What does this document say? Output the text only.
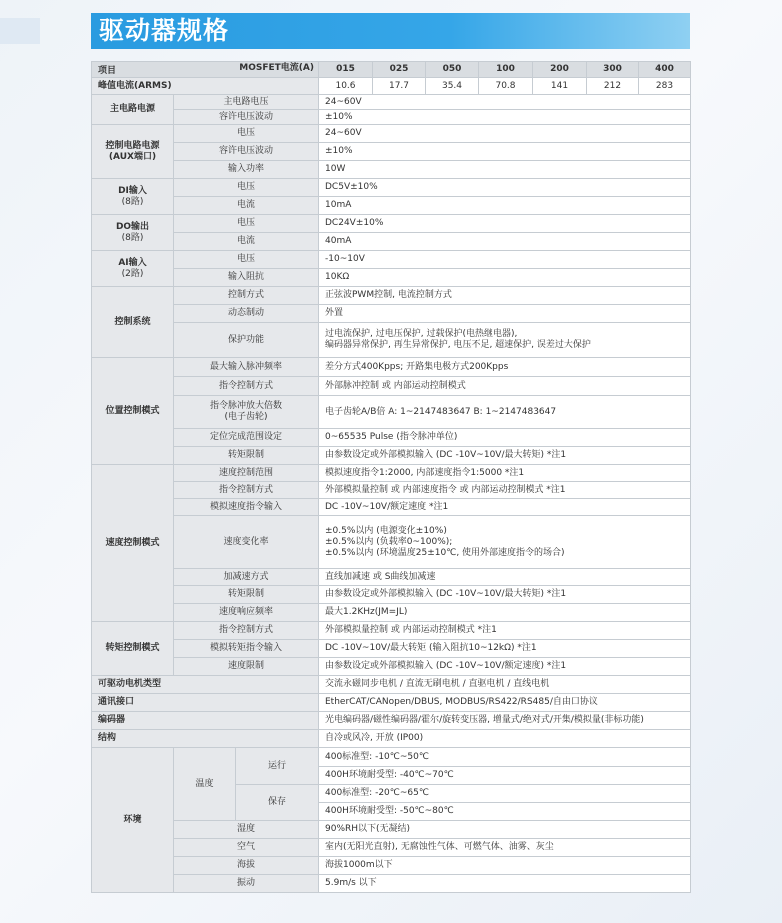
驱动器规格
项目 MOSFET电流(A)			015	025	050	100	200	300	400
峰值电流(ARMS)			10.6	17.7	35.4	70.8	141	212	283
主电路电源	主电路电压		24~60V						
	容许电压波动		±10%						

控制电路电源
(AUX端口)	电压		24~60V						
	容许电压波动		±10%						
	输入功率		10W						

DI输入
(8路)	电压		DC5V±10%						
	电流		10mA						

DO输出
(8路)	电压		DC24V±10%						
	电流		40mA						

AI输入
(2路)	电压		-10~10V						
	输入阻抗		10KΩ						
控制系统	控制方式		正弦波PWM控制, 电流控制方式						
	动态制动		外置						
	保护功能		过电流保护, 过电压保护, 过载保护(电热继电器),
编码器异常保护, 再生异常保护, 电压不足, 超速保护, 误差过大保护						

位置控制模式	最大输入脉冲频率		差分方式400Kpps; 开路集电极方式200Kpps						
	指令控制方式		外部脉冲控制 或 内部运动控制模式						

	指令脉冲放大倍数
(电子齿轮)		电子齿轮A/B倍 A: 1~2147483647 B: 1~2147483647						
	定位完成范围设定		0~65535 Pulse (指令脉冲单位)						
	转矩限制		由参数设定或外部模拟输入 (DC -10V~10V/最大转矩) *注1						
速度控制模式	速度控制范围		模拟速度指令1:2000, 内部速度指令1:5000 *注1						
	指令控制方式		外部模拟量控制 或 内部速度指令 或 内部运动控制模式 *注1						
	模拟速度指令输入		DC -10V~10V/额定速度 *注1						
	速度变化率		±0.5%以内 (电源变化±10%)
±0.5%以内 (负载率0~100%);
±0.5%以内 (环境温度25±10℃, 使用外部速度指令的场合)						

	加减速方式		直线加减速 或 S曲线加减速						
	转矩限制		由参数设定或外部模拟输入 (DC -10V~10V/最大转矩) *注1						
	速度响应频率		最大1.2KHz(JM=JL)						
转矩控制模式	指令控制方式		外部模拟量控制 或 内部运动控制模式 *注1						
	模拟转矩指令输入		DC -10V~10V/最大转矩 (输入阻抗10~12kΩ) *注1						
	速度限制		由参数设定或外部模拟输入 (DC -10V~10V/额定速度) *注1						
可驱动电机类型			交流永磁同步电机 / 直流无刷电机 / 直驱电机 / 直线电机						
通讯接口			EtherCAT/CANopen/DBUS, MODBUS/RS422/RS485/自由口协议						
编码器			光电编码器/磁性编码器/霍尔/旋转变压器, 增量式/绝对式/开集/模拟量(非标功能)						
结构			自冷或风冷, 开放 (IP00)						
环境	温度	运行	400标准型: -10℃~50℃						
			400H环境耐受型: -40℃~70℃						
		保存	400标准型: -20℃~65℃						
			400H环境耐受型: -50℃~80℃						
	湿度		90%RH以下(无凝结)						
	空气		室内(无阳光直射), 无腐蚀性气体、可燃气体、油雾、灰尘						
	海拔		海拔1000m以下						
	振动		5.9m/s 以下						
